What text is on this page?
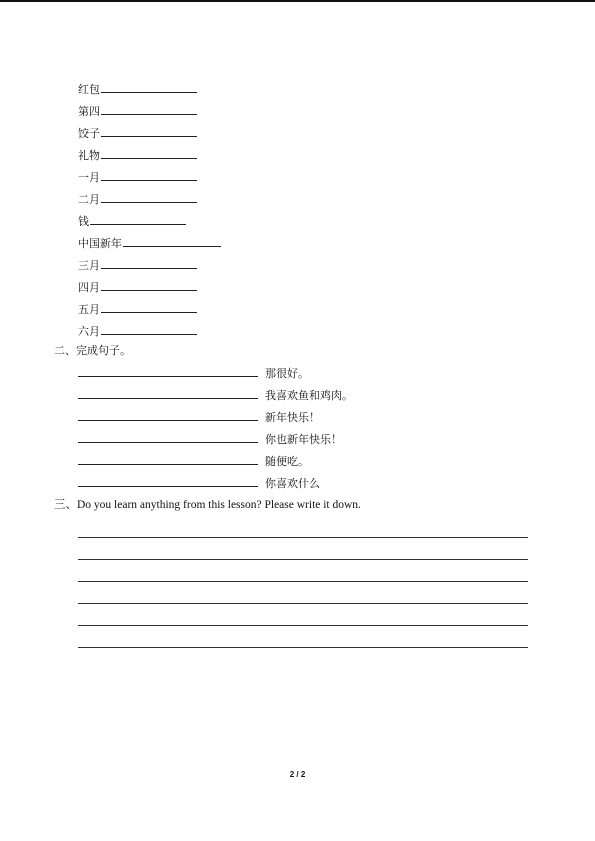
红包
第四
饺子
礼物
一月
二月
钱
中国新年
三月
四月
五月
六月
二、完成句子。
那很好。
我喜欢鱼和鸡肉。
新年快乐！
你也新年快乐！
随便吃。
你喜欢什么
三、Do you learn anything from this lesson? Please write it down.
2 / 2
